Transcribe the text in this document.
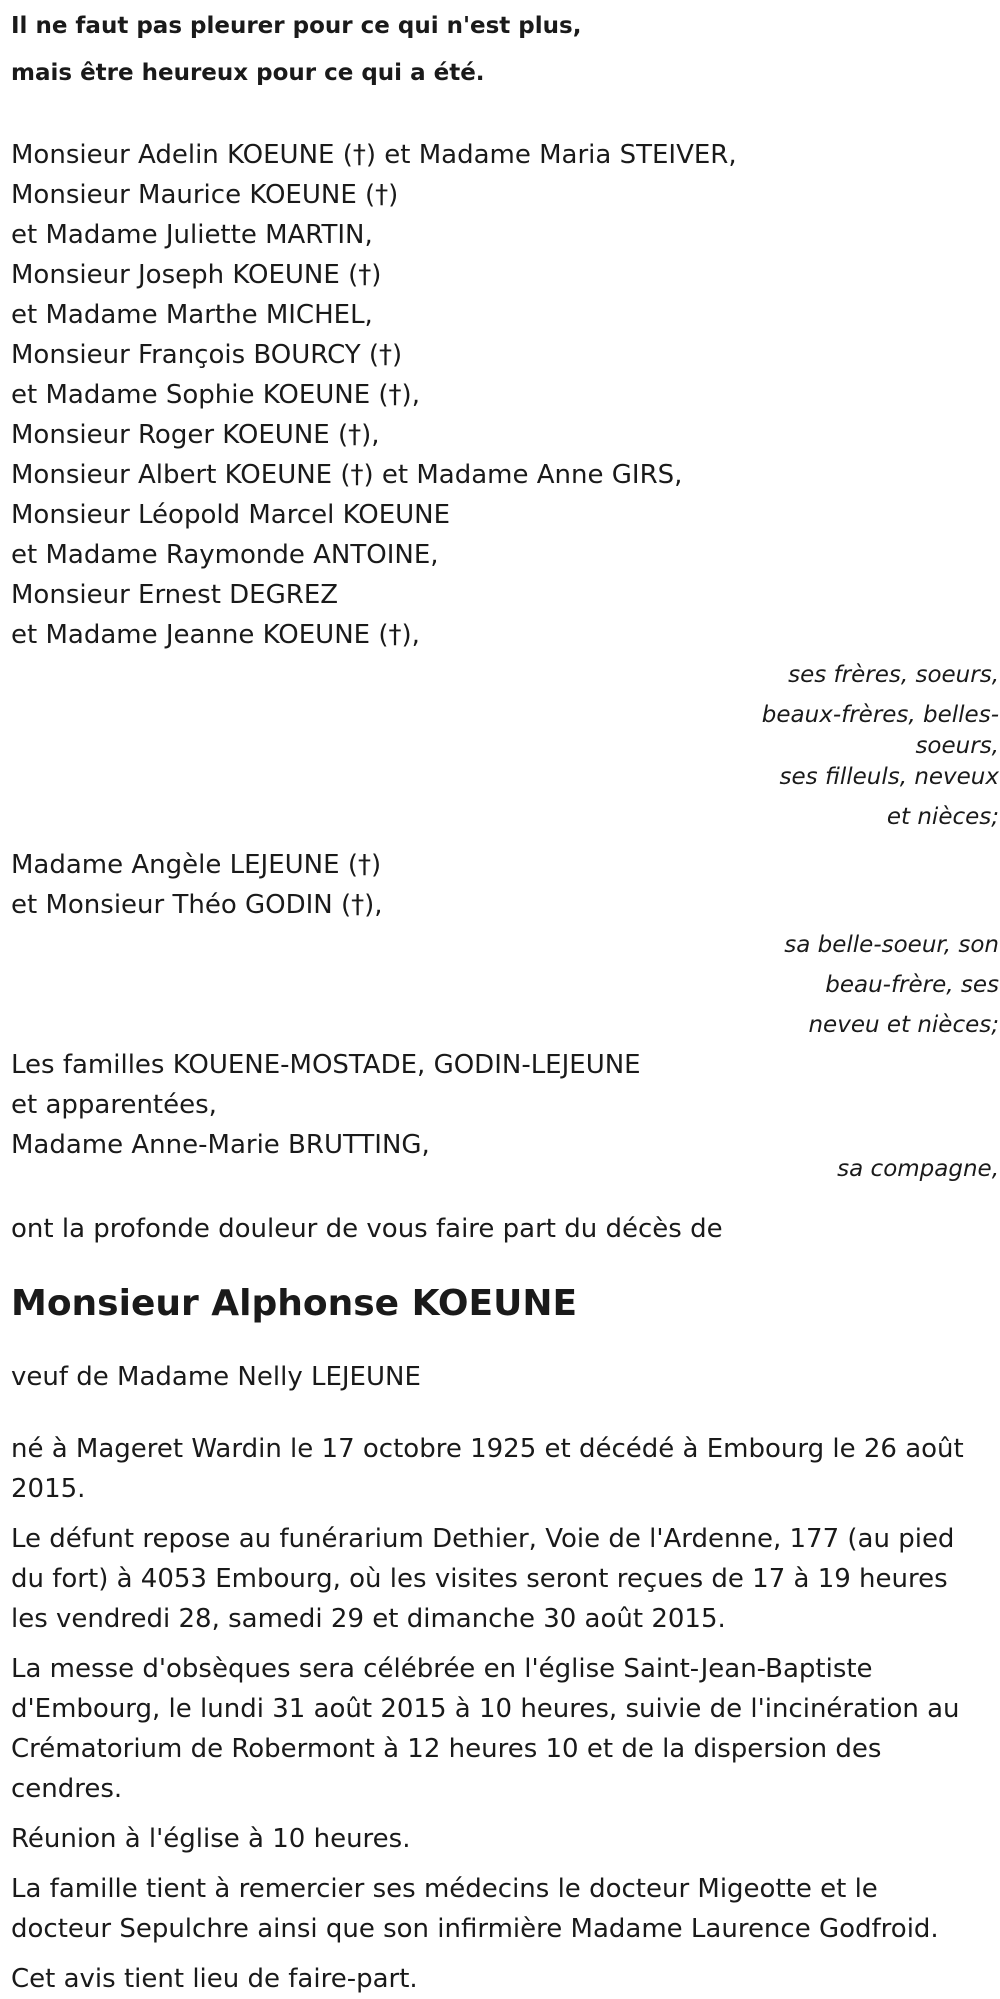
Il ne faut pas pleurer pour ce qui n'est plus,
mais être heureux pour ce qui a été.
Monsieur Adelin KOEUNE (†) et Madame Maria STEIVER,
Monsieur Maurice KOEUNE (†)
et Madame Juliette MARTIN,
Monsieur Joseph KOEUNE (†)
et Madame Marthe MICHEL,
Monsieur François BOURCY (†)
et Madame Sophie KOEUNE (†),
Monsieur Roger KOEUNE (†),
Monsieur Albert KOEUNE (†) et Madame Anne GIRS,
Monsieur Léopold Marcel KOEUNE
et Madame Raymonde ANTOINE,
Monsieur Ernest DEGREZ
et Madame Jeanne KOEUNE (†),
ses frères, soeurs,
beaux-frères, belles-
soeurs,
ses filleuls, neveux
et nièces;
Madame Angèle LEJEUNE (†)
et Monsieur Théo GODIN (†),
sa belle-soeur, son
beau-frère, ses
neveu et nièces;
Les familles KOUENE-MOSTADE, GODIN-LEJEUNE
et apparentées,
Madame Anne-Marie BRUTTING,
sa compagne,
ont la profonde douleur de vous faire part du décès de
Monsieur Alphonse KOEUNE
veuf de Madame Nelly LEJEUNE
né à Mageret Wardin le 17 octobre 1925 et décédé à Embourg le 26 août 2015.
Le défunt repose au funérarium Dethier, Voie de l'Ardenne, 177 (au pied du fort) à 4053 Embourg, où les visites seront reçues de 17 à 19 heures les vendredi 28, samedi 29 et dimanche 30 août 2015.
La messe d'obsèques sera célébrée en l'église Saint-Jean-Baptiste d'Embourg, le lundi 31 août 2015 à 10 heures, suivie de l'incinération au Crématorium de Robermont à 12 heures 10 et de la dispersion des cendres.
Réunion à l'église à 10 heures.
La famille tient à remercier ses médecins le docteur Migeotte et le docteur Sepulchre ainsi que son infirmière Madame Laurence Godfroid.
Cet avis tient lieu de faire-part.
